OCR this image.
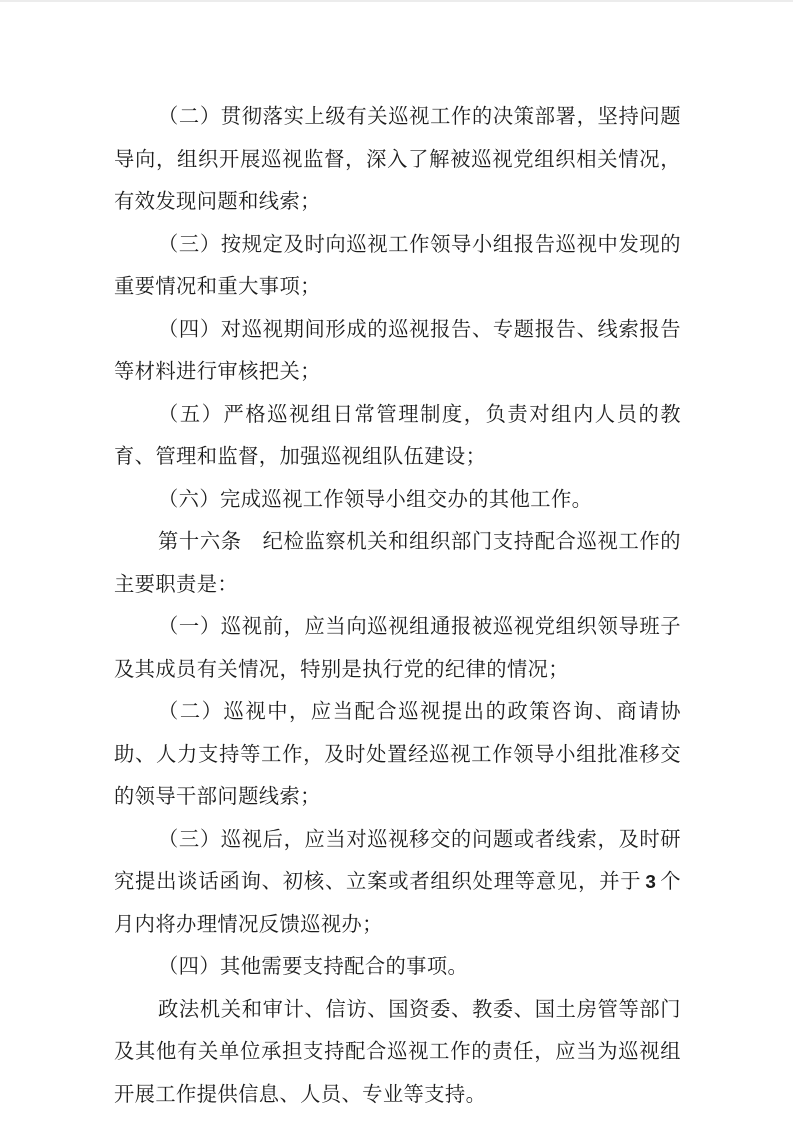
（二）贯彻落实上级有关巡视工作的决策部署，坚持问题导向，组织开展巡视监督，深入了解被巡视党组织相关情况，有效发现问题和线索；

（三）按规定及时向巡视工作领导小组报告巡视中发现的重要情况和重大事项；

（四）对巡视期间形成的巡视报告、专题报告、线索报告等材料进行审核把关；

（五）严格巡视组日常管理制度，负责对组内人员的教育、管理和监督，加强巡视组队伍建设；

（六）完成巡视工作领导小组交办的其他工作。

第十六条　纪检监察机关和组织部门支持配合巡视工作的主要职责是：

（一）巡视前，应当向巡视组通报被巡视党组织领导班子及其成员有关情况，特别是执行党的纪律的情况；

（二）巡视中，应当配合巡视提出的政策咨询、商请协助、人力支持等工作，及时处置经巡视工作领导小组批准移交的领导干部问题线索；

（三）巡视后，应当对巡视移交的问题或者线索，及时研究提出谈话函询、初核、立案或者组织处理等意见，并于 3 个月内将办理情况反馈巡视办；

（四）其他需要支持配合的事项。

政法机关和审计、信访、国资委、教委、国土房管等部门及其他有关单位承担支持配合巡视工作的责任，应当为巡视组开展工作提供信息、人员、专业等支持。
